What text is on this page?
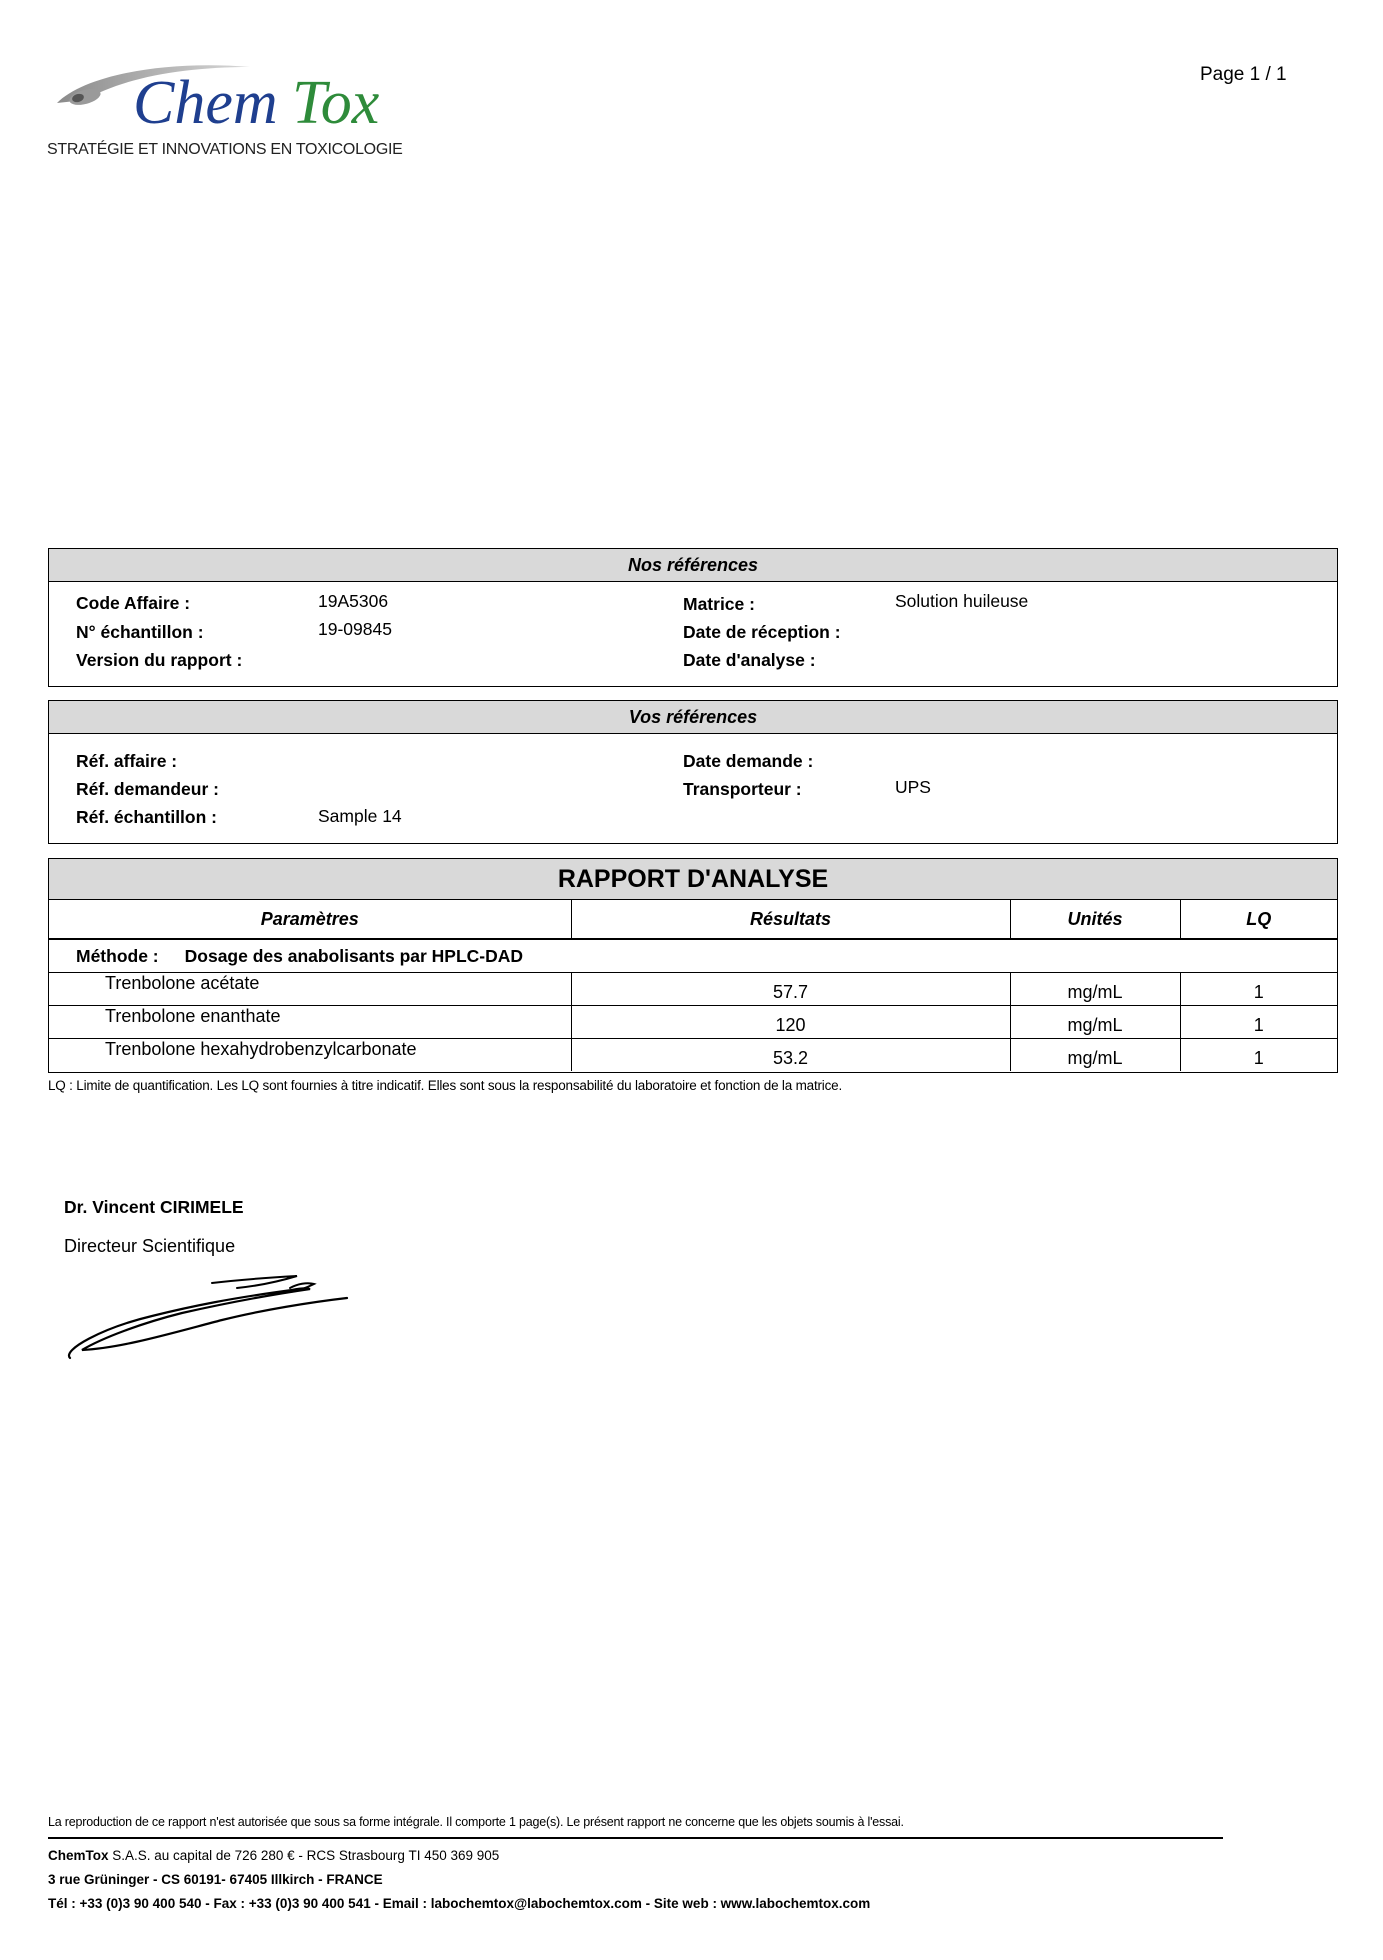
Chem Tox
STRATÉGIE ET INNOVATIONS EN TOXICOLOGIE
Page 1 / 1
Nos références
Code Affaire :	19A5306
N° échantillon :	19-09845
Version du rapport :
Matrice :	Solution huileuse
Date de réception :
Date d'analyse :
Vos références
Réf. affaire :
Réf. demandeur :
Réf. échantillon :	Sample 14
Date demande :
Transporteur :	UPS
RAPPORT D'ANALYSE
Paramètres	Résultats	Unités	LQ
Méthode : Dosage des anabolisants par HPLC-DAD			
Trenbolone acétate	57.7	mg/mL	1
Trenbolone enanthate	120	mg/mL	1
Trenbolone hexahydrobenzylcarbonate	53.2	mg/mL	1
LQ : Limite de quantification. Les LQ sont fournies à titre indicatif. Elles sont sous la responsabilité du laboratoire et fonction de la matrice.
Dr. Vincent CIRIMELE
Directeur Scientifique
La reproduction de ce rapport n'est autorisée que sous sa forme intégrale. Il comporte 1 page(s). Le présent rapport ne concerne que les objets soumis à l'essai.
ChemTox S.A.S. au capital de 726 280 € - RCS Strasbourg TI 450 369 905
3 rue Grüninger - CS 60191- 67405 Illkirch - FRANCE
Tél : +33 (0)3 90 400 540 - Fax : +33 (0)3 90 400 541 - Email : labochemtox@labochemtox.com - Site web : www.labochemtox.com
